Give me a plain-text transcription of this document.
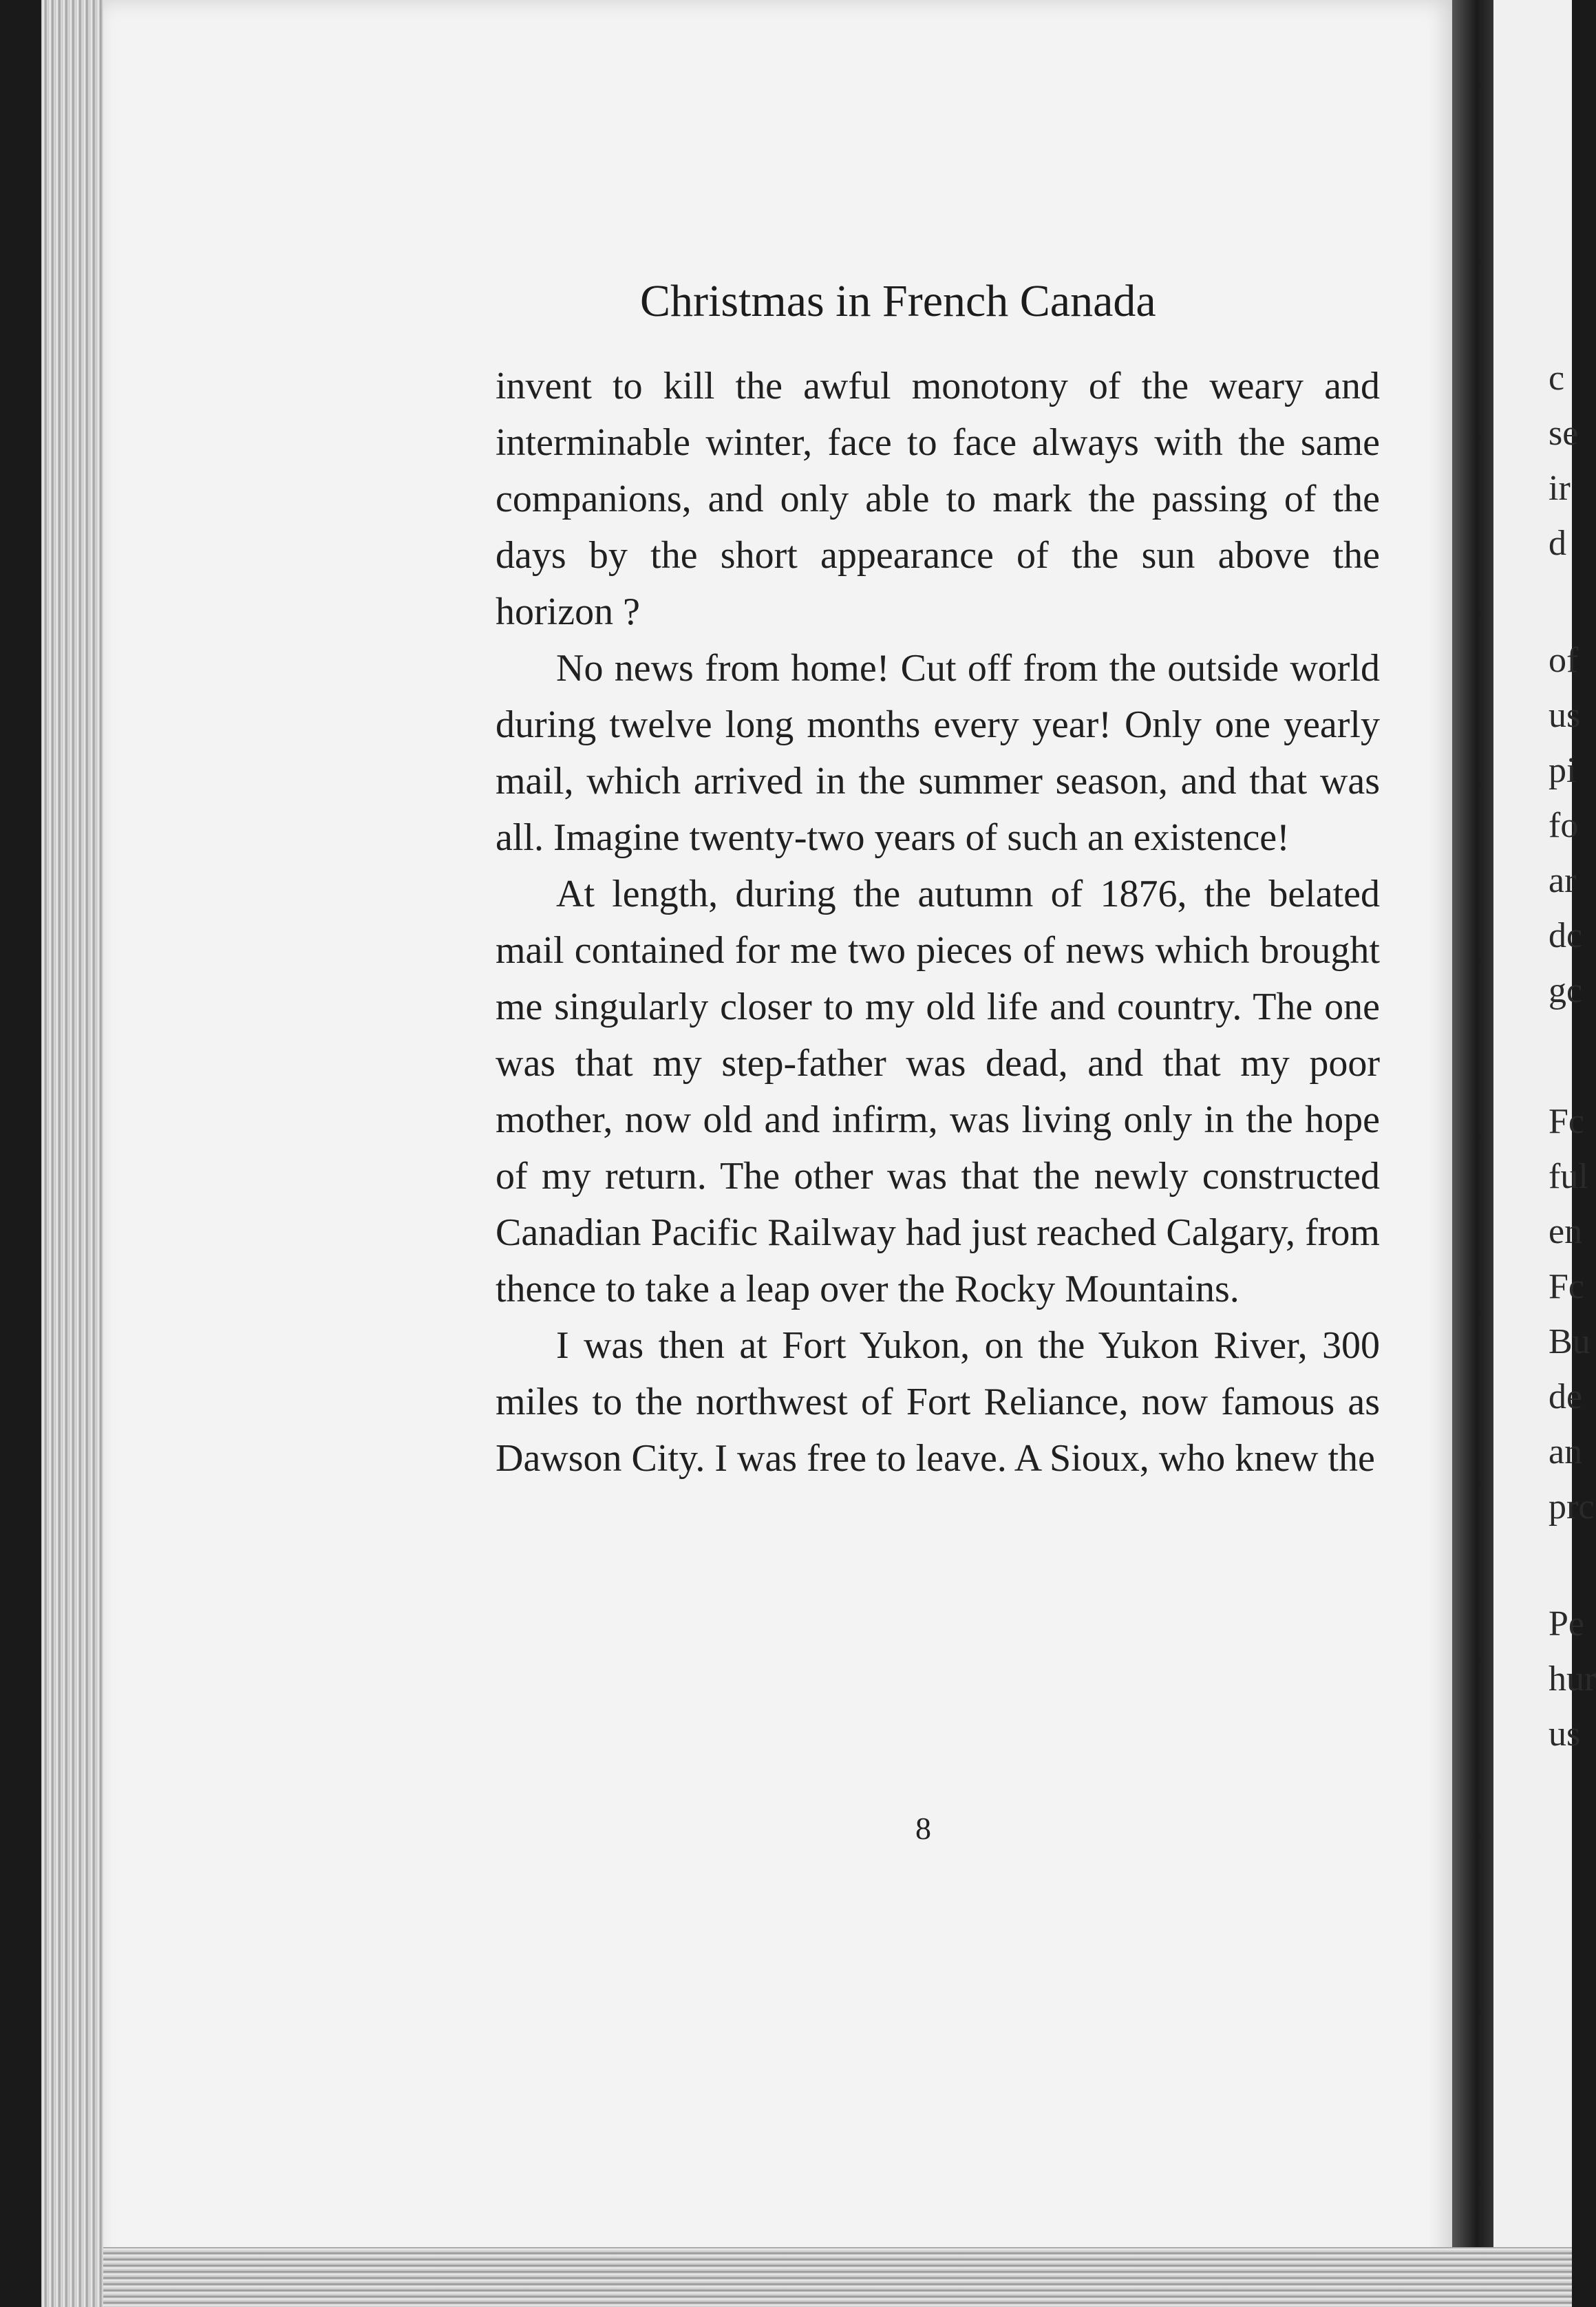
Christmas in French Canada

invent to kill the awful monotony of the weary and interminable winter, face to face always with the same companions, and only able to mark the passing of the days by the short appearance of the sun above the horizon ?

No news from home! Cut off from the outside world during twelve long months every year! Only one yearly mail, which arrived in the summer season, and that was all. Imagine twenty-two years of such an existence!

At length, during the autumn of 1876, the belated mail contained for me two pieces of news which brought me singularly closer to my old life and country. The one was that my step-father was dead, and that my poor mother, now old and infirm, was living only in the hope of my return. The other was that the newly constructed Canadian Pacific Railway had just reached Calgary, from thence to take a leap over the Rocky Mountains.

I was then at Fort Yukon, on the Yukon River, 300 miles to the northwest of Fort Reliance, now famous as Dawson City. I was free to leave. A Sioux, who knew the

8
c
se
ir
d
of
us
pi
fo
ar
dc
gc
Fc
ful
en
Fc
Bu
de
an
prc
Pe
hur
us
